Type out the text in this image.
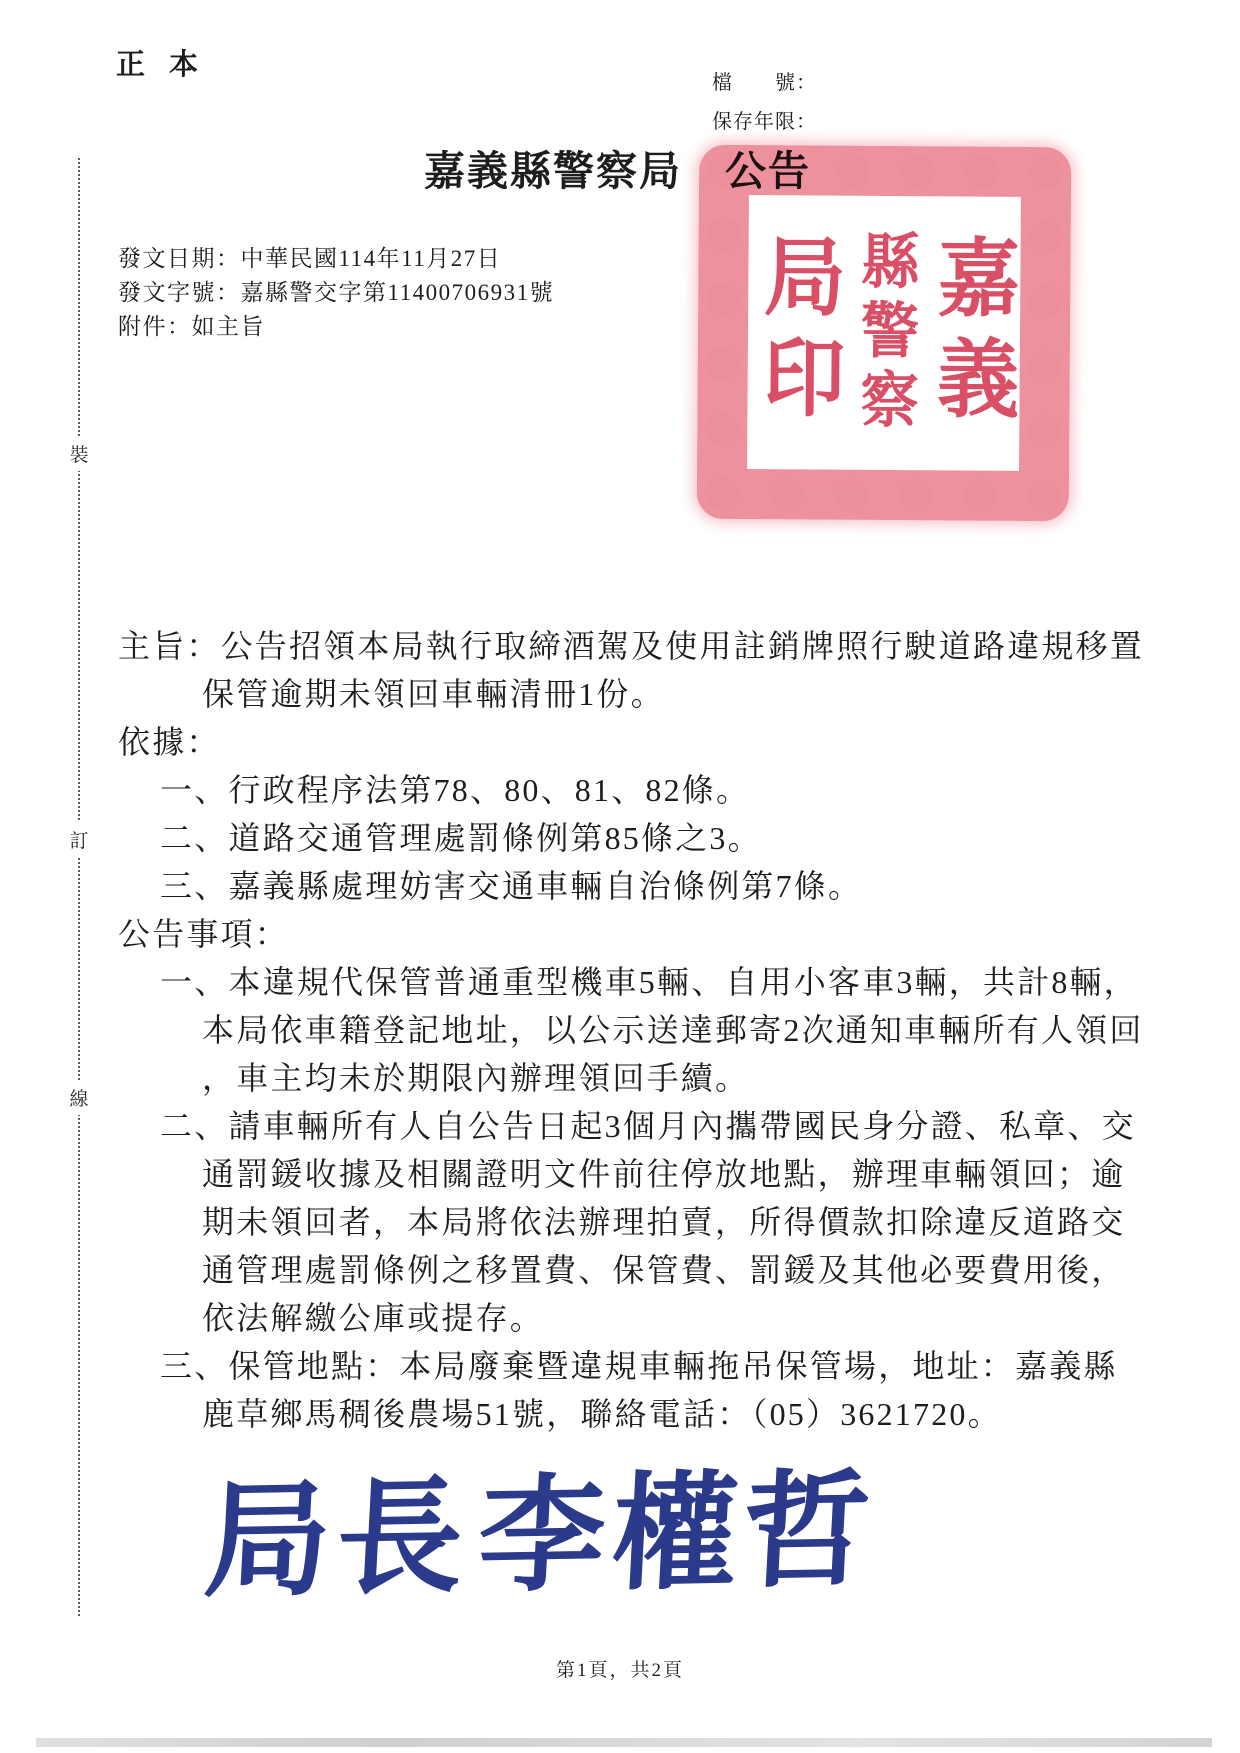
正本
檔　　號：
保存年限：
嘉義縣警察局　公告
發文日期：中華民國114年11月27日
發文字號：嘉縣警交字第11400706931號
附件：如主旨
裝
訂
線
嘉義
縣警察
局印
主旨：公告招領本局執行取締酒駕及使用註銷牌照行駛道路違規移置保管逾期未領回車輛清冊1份。
依據：
一、行政程序法第78、80、81、82條。
二、道路交通管理處罰條例第85條之3。
三、嘉義縣處理妨害交通車輛自治條例第7條。
公告事項：
一、本違規代保管普通重型機車5輛、自用小客車3輛，共計8輛，本局依車籍登記地址，以公示送達郵寄2次通知車輛所有人領回，車主均未於期限內辦理領回手續。
二、請車輛所有人自公告日起3個月內攜帶國民身分證、私章、交通罰鍰收據及相關證明文件前往停放地點，辦理車輛領回；逾期未領回者，本局將依法辦理拍賣，所得價款扣除違反道路交通管理處罰條例之移置費、保管費、罰鍰及其他必要費用後，依法解繳公庫或提存。
三、保管地點：本局廢棄暨違規車輛拖吊保管場，地址：嘉義縣鹿草鄉馬稠後農場51號，聯絡電話：（05）3621720。
局長李權哲
第1頁，共2頁
